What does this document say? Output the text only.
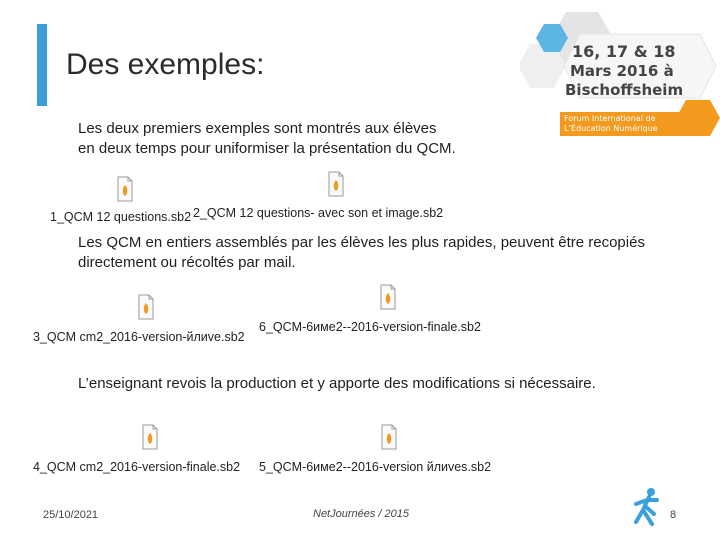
Des exemples:	16, 17 & 18
Mars 2016 à
Bischoffsheim
Forum International de
L’Éducation Numérique
Les deux premiers exemples sont montrés aux élèves
en deux temps pour uniformiser la présentation du QCM.
Les QCM en entiers assemblés par les élèves les plus rapides, peuvent être recopiés
directement ou récoltés par mail.
L’enseignant revois la production et y apporte des modifications si nécessaire.
1_QCM 12 questions.sb2 2_QCM 12 questions- avec son et image.sb2
3_QCM cm2_2016-version-йлиve.sb2
6_QCM-6име2--2016-version-finale.sb2
4_QCM cm2_2016-version-finale.sb2 5_QCM-6име2--2016-version йлиves.sb2
25/10/2021	NetJournées / 2015	8
